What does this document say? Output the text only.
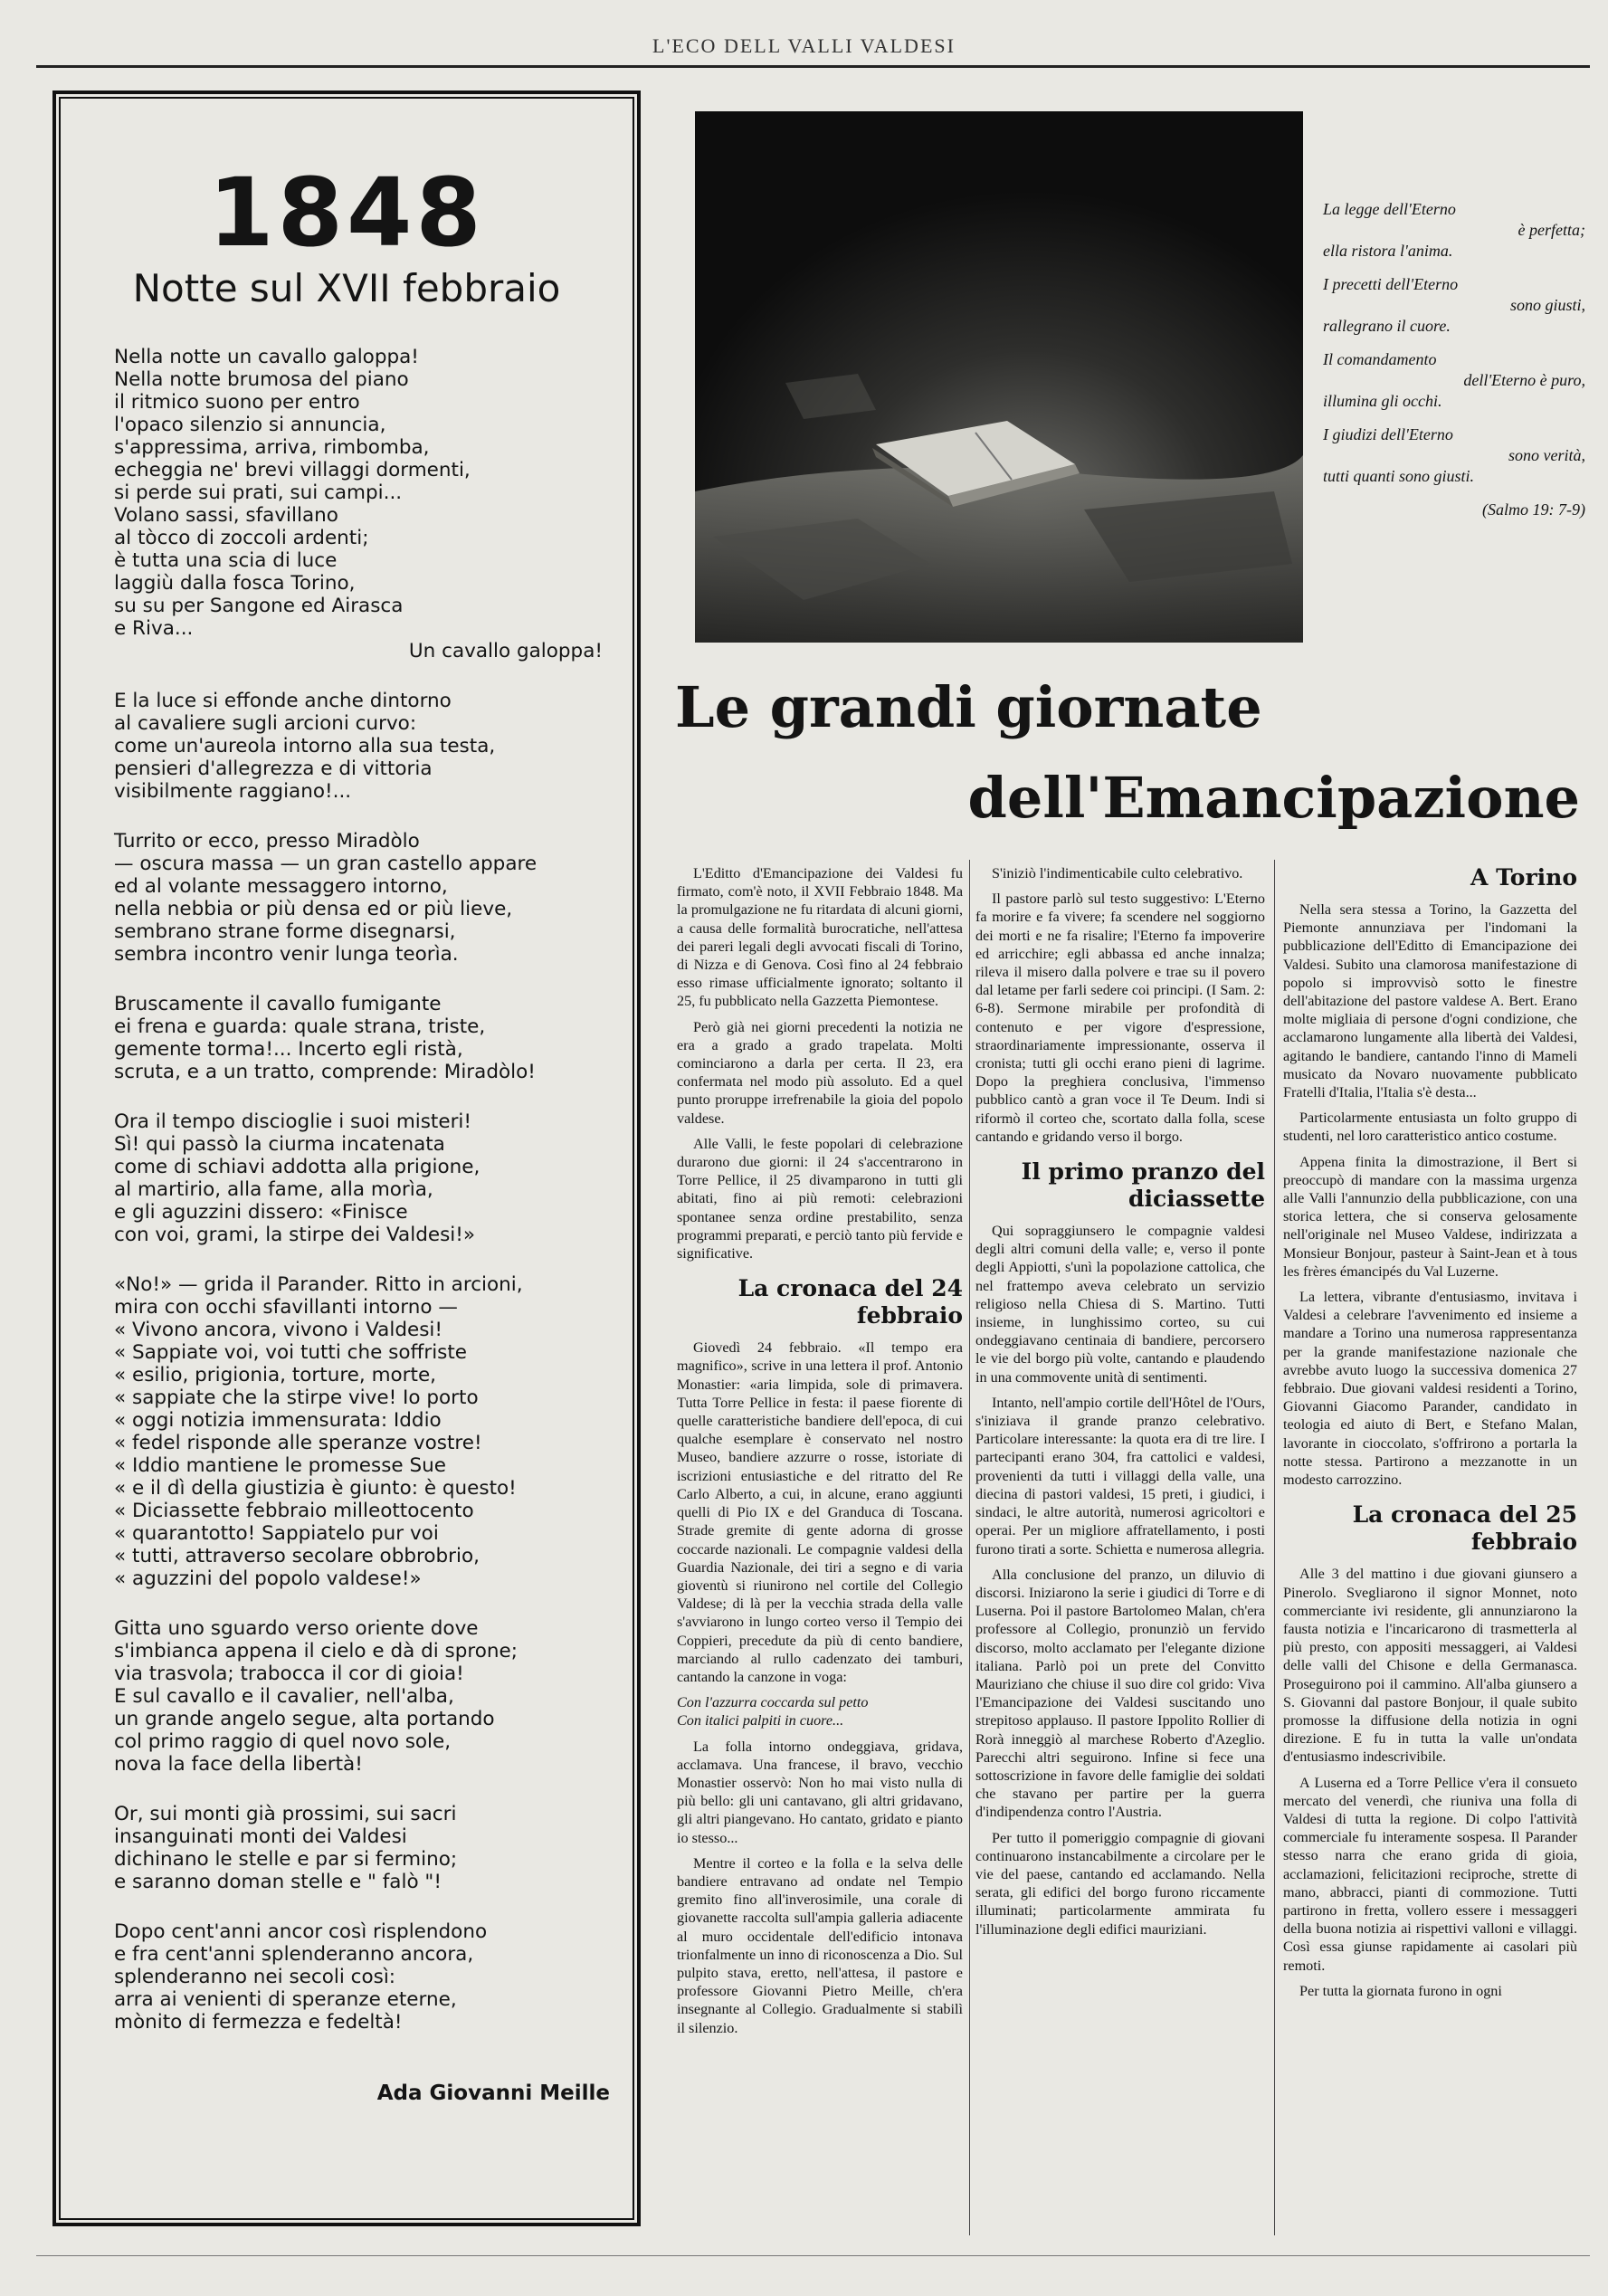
L'ECO DELL VALLI VALDESI
1848
Notte sul XVII febbraio
Nella notte un cavallo galoppa!
Nella notte brumosa del piano
il ritmico suono per entro
l'opaco silenzio si annuncia,
s'appressima, arriva, rimbomba,
echeggia ne' brevi villaggi dormenti,
si perde sui prati, sui campi...
Volano sassi, sfavillano
al tòcco di zoccoli ardenti;
è tutta una scia di luce
laggiù dalla fosca Torino,
su su per Sangone ed Airasca
e Riva...
Un cavallo galoppa!
E la luce si effonde anche dintorno
al cavaliere sugli arcioni curvo:
come un'aureola intorno alla sua testa,
pensieri d'allegrezza e di vittoria
visibilmente raggiano!...
Turrito or ecco, presso Miradòlo
— oscura massa — un gran castello appare
ed al volante messaggero intorno,
nella nebbia or più densa ed or più lieve,
sembrano strane forme disegnarsi,
sembra incontro venir lunga teorìa.
Bruscamente il cavallo fumigante
ei frena e guarda: quale strana, triste,
gemente torma!... Incerto egli ristà,
scruta, e a un tratto, comprende: Miradòlo!
Ora il tempo discioglie i suoi misteri!
Sì! qui passò la ciurma incatenata
come di schiavi addotta alla prigione,
al martirio, alla fame, alla morìa,
e gli aguzzini dissero: «Finisce
con voi, grami, la stirpe dei Valdesi!»
«No!» — grida il Parander. Ritto in arcioni,
mira con occhi sfavillanti intorno —
« Vivono ancora, vivono i Valdesi!
« Sappiate voi, voi tutti che soffriste
« esilio, prigionia, torture, morte,
« sappiate che la stirpe vive! Io porto
« oggi notizia immensurata: Iddio
« fedel risponde alle speranze vostre!
« Iddio mantiene le promesse Sue
« e il dì della giustizia è giunto: è questo!
« Diciassette febbraio milleottocento
« quarantotto! Sappiatelo pur voi
« tutti, attraverso secolare obbrobrio,
« aguzzini del popolo valdese!»
Gitta uno sguardo verso oriente dove
s'imbianca appena il cielo e dà di sprone;
via trasvola; trabocca il cor di gioia!
E sul cavallo e il cavalier, nell'alba,
un grande angelo segue, alta portando
col primo raggio di quel novo sole,
nova la face della libertà!
Or, sui monti già prossimi, sui sacri
insanguinati monti dei Valdesi
dichinano le stelle e par si fermino;
e saranno doman stelle e " falò "!
Dopo cent'anni ancor così risplendono
e fra cent'anni splenderanno ancora,
splenderanno nei secoli così:
arra ai venienti di speranze eterne,
mònito di fermezza e fedeltà!
Ada Giovanni Meille
La legge dell'Eterno
è perfetta;
ella ristora l'anima.
I precetti dell'Eterno
sono giusti,
rallegrano il cuore.
Il comandamento
dell'Eterno è puro,
illumina gli occhi.
I giudizi dell'Eterno
sono verità,
tutti quanti sono giusti.
(Salmo 19: 7-9)
Le grandi giornate
dell'Emancipazione

L'Editto d'Emancipazione dei Valdesi fu firmato, com'è noto, il XVII Febbraio 1848. Ma la promulgazione ne fu ritardata di alcuni giorni, a causa delle formalità burocratiche, nell'attesa dei pareri legali degli avvocati fiscali di Torino, di Nizza e di Genova. Così fino al 24 febbraio esso rimase ufficialmente ignorato; soltanto il 25, fu pubblicato nella Gazzetta Piemontese.

Però già nei giorni precedenti la notizia ne era a grado a grado trapelata. Molti cominciarono a darla per certa. Il 23, era confermata nel modo più assoluto. Ed a quel punto proruppe irrefrenabile la gioia del popolo valdese.

Alle Valli, le feste popolari di celebrazione durarono due giorni: il 24 s'accentrarono in Torre Pellice, il 25 divamparono in tutti gli abitati, fino ai più remoti: celebrazioni spontanee senza ordine prestabilito, senza programmi preparati, e perciò tanto più fervide e significative.

La cronaca del 24 febbraio

Giovedì 24 febbraio. «Il tempo era magnifico», scrive in una lettera il prof. Antonio Monastier: «aria limpida, sole di primavera. Tutta Torre Pellice in festa: il paese fiorente di quelle caratteristiche bandiere dell'epoca, di cui qualche esemplare è conservato nel nostro Museo, bandiere azzurre o rosse, istoriate di iscrizioni entusiastiche e del ritratto del Re Carlo Alberto, a cui, in alcune, erano aggiunti quelli di Pio IX e del Granduca di Toscana. Strade gremite di gente adorna di grosse coccarde nazionali. Le compagnie valdesi della Guardia Nazionale, dei tiri a segno e di varia gioventù si riunirono nel cortile del Collegio Valdese; di là per la vecchia strada della valle s'avviarono in lungo corteo verso il Tempio dei Coppieri, precedute da più di cento bandiere, marciando al rullo cadenzato dei tamburi, cantando la canzone in voga:

Con l'azzurra coccarda sul petto
Con italici palpiti in cuore...

La folla intorno ondeggiava, gridava, acclamava. Una francese, il bravo, vecchio Monastier osservò: Non ho mai visto nulla di più bello: gli uni cantavano, gli altri gridavano, gli altri piangevano. Ho cantato, gridato e pianto io stesso...

Mentre il corteo e la folla e la selva delle bandiere entravano ad ondate nel Tempio gremito fino all'inverosimile, una corale di giovanette raccolta sull'ampia galleria adiacente al muro occidentale dell'edificio intonava trionfalmente un inno di riconoscenza a Dio. Sul pulpito stava, eretto, nell'attesa, il pastore e professore Giovanni Pietro Meille, ch'era insegnante al Collegio. Gradualmente si stabilì il silenzio.

S'iniziò l'indimenticabile culto celebrativo.

Il pastore parlò sul testo suggestivo: L'Eterno fa morire e fa vivere; fa scendere nel soggiorno dei morti e ne fa risalire; l'Eterno fa impoverire ed arricchire; egli abbassa ed anche innalza; rileva il misero dalla polvere e trae su il povero dal letame per farli sedere coi principi. (I Sam. 2: 6-8). Sermone mirabile per profondità di contenuto e per vigore d'espressione, straordinariamente impressionante, osserva il cronista; tutti gli occhi erano pieni di lagrime. Dopo la preghiera conclusiva, l'immenso pubblico cantò a gran voce il Te Deum. Indi si riformò il corteo che, scortato dalla folla, scese cantando e gridando verso il borgo.

Il primo pranzo del diciassette

Qui sopraggiunsero le compagnie valdesi degli altri comuni della valle; e, verso il ponte degli Appiotti, s'unì la popolazione cattolica, che nel frattempo aveva celebrato un servizio religioso nella Chiesa di S. Martino. Tutti insieme, in lunghissimo corteo, su cui ondeggiavano centinaia di bandiere, percorsero le vie del borgo più volte, cantando e plaudendo in una commovente unità di sentimenti.

Intanto, nell'ampio cortile dell'Hôtel de l'Ours, s'iniziava il grande pranzo celebrativo. Particolare interessante: la quota era di tre lire. I partecipanti erano 304, fra cattolici e valdesi, provenienti da tutti i villaggi della valle, una diecina di pastori valdesi, 15 preti, i giudici, i sindaci, le altre autorità, numerosi agricoltori e operai. Per un migliore affratellamento, i posti furono tirati a sorte. Schietta e numerosa allegria.

Alla conclusione del pranzo, un diluvio di discorsi. Iniziarono la serie i giudici di Torre e di Luserna. Poi il pastore Bartolomeo Malan, ch'era professore al Collegio, pronunziò un fervido discorso, molto acclamato per l'elegante dizione italiana. Parlò poi un prete del Convitto Mauriziano che chiuse il suo dire col grido: Viva l'Emancipazione dei Valdesi suscitando uno strepitoso applauso. Il pastore Ippolito Rollier di Rorà inneggiò al marchese Roberto d'Azeglio. Parecchi altri seguirono. Infine si fece una sottoscrizione in favore delle famiglie dei soldati che stavano per partire per la guerra d'indipendenza contro l'Austria.

Per tutto il pomeriggio compagnie di giovani continuarono instancabilmente a circolare per le vie del paese, cantando ed acclamando. Nella serata, gli edifici del borgo furono riccamente illuminati; particolarmente ammirata fu l'illuminazione degli edifici mauriziani.

A Torino

Nella sera stessa a Torino, la Gazzetta del Piemonte annunziava per l'indomani la pubblicazione dell'Editto di Emancipazione dei Valdesi. Subito una clamorosa manifestazione di popolo si improvvisò sotto le finestre dell'abitazione del pastore valdese A. Bert. Erano molte migliaia di persone d'ogni condizione, che acclamarono lungamente alla libertà dei Valdesi, agitando le bandiere, cantando l'inno di Mameli musicato da Novaro nuovamente pubblicato Fratelli d'Italia, l'Italia s'è desta...

Particolarmente entusiasta un folto gruppo di studenti, nel loro caratteristico antico costume.

Appena finita la dimostrazione, il Bert si preoccupò di mandare con la massima urgenza alle Valli l'annunzio della pubblicazione, con una storica lettera, che si conserva gelosamente nell'originale nel Museo Valdese, indirizzata a Monsieur Bonjour, pasteur à Saint-Jean et à tous les frères émancipés du Val Luzerne.

La lettera, vibrante d'entusiasmo, invitava i Valdesi a celebrare l'avvenimento ed insieme a mandare a Torino una numerosa rappresentanza per la grande manifestazione nazionale che avrebbe avuto luogo la successiva domenica 27 febbraio. Due giovani valdesi residenti a Torino, Giovanni Giacomo Parander, candidato in teologia ed aiuto di Bert, e Stefano Malan, lavorante in cioccolato, s'offrirono a portarla la notte stessa. Partirono a mezzanotte in un modesto carrozzino.

La cronaca del 25 febbraio

Alle 3 del mattino i due giovani giunsero a Pinerolo. Svegliarono il signor Monnet, noto commerciante ivi residente, gli annunziarono la fausta notizia e l'incaricarono di trasmetterla al più presto, con appositi messaggeri, ai Valdesi delle valli del Chisone e della Germanasca. Proseguirono poi il cammino. All'alba giunsero a S. Giovanni dal pastore Bonjour, il quale subito promosse la diffusione della notizia in ogni direzione. E fu in tutta la valle un'ondata d'entusiasmo indescrivibile.

A Luserna ed a Torre Pellice v'era il consueto mercato del venerdì, che riuniva una folla di Valdesi di tutta la regione. Di colpo l'attività commerciale fu interamente sospesa. Il Parander stesso narra che erano grida di gioia, acclamazioni, felicitazioni reciproche, strette di mano, abbracci, pianti di commozione. Tutti partirono in fretta, vollero essere i messaggeri della buona notizia ai rispettivi valloni e villaggi. Così essa giunse rapidamente ai casolari più remoti.

Per tutta la giornata furono in ogni
